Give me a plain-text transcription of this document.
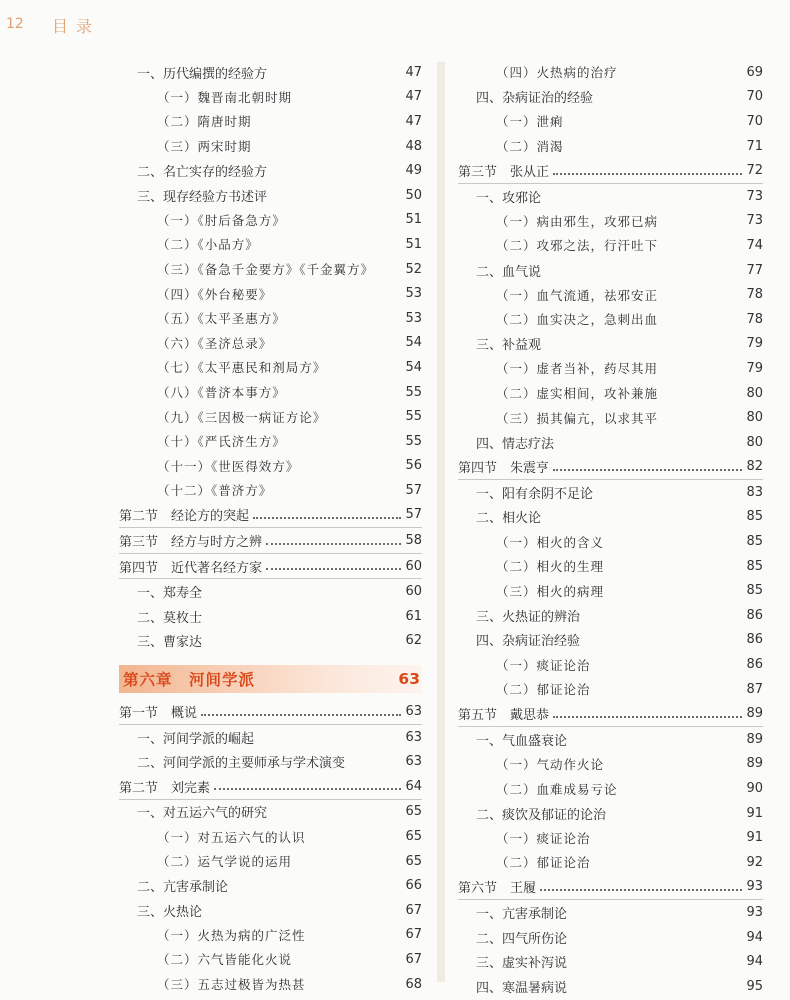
12 目录
一、历代编撰的经验方	47
（一）魏晋南北朝时期	47
（二）隋唐时期	47
（三）两宋时期	48
二、名亡实存的经验方	49
三、现存经验方书述评	50
（一）《肘后备急方》	51
（二）《小品方》	51
（三）《备急千金要方》《千金翼方》 52
（四）《外台秘要》	53
（五）《太平圣惠方》	53
（六）《圣济总录》	54
（七）《太平惠民和剂局方》	54
（八）《普济本事方》	55
（九）《三因极一病证方论》	55
（十）《严氏济生方》	55
（十一）《世医得效方》	56
（十二）《普济方》	57
第二节　经论方的突起	57
第三节　经方与时方之辨	58
第四节　近代著名经方家	60
一、郑寿全	60
二、莫枚士	61
三、曹家达	62
第六章　河间学派	63
第一节　概说	63
一、河间学派的崛起	63
二、河间学派的主要师承与学术演变	63
第二节　刘完素	64
一、对五运六气的研究	65
（一）对五运六气的认识	65
（二）运气学说的运用	65
二、亢害承制论	66
三、火热论	67
（一）火热为病的广泛性	67
（二）六气皆能化火说	67
（三）五志过极皆为热甚	68
（四）火热病的治疗	69
四、杂病证治的经验	70
（一）泄痢	70
（二）消渴	71
第三节　张从正	72
一、攻邪论	73
（一）病由邪生，攻邪已病	73
（二）攻邪之法，行汗吐下	74
二、血气说	77
（一）血气流通，祛邪安正	78
（二）血实决之，急刺出血	78
三、补益观	79
（一）虚者当补，药尽其用	79
（二）虚实相间，攻补兼施	80
（三）损其偏亢，以求其平	80
四、情志疗法	80
第四节　朱震亨	82
一、阳有余阴不足论	83
二、相火论	85
（一）相火的含义	85
（二）相火的生理	85
（三）相火的病理	85
三、火热证的辨治	86
四、杂病证治经验	86
（一）痰证论治	86
（二）郁证论治	87
第五节　戴思恭	89
一、气血盛衰论	89
（一）气动作火论	89
（二）血难成易亏论	90
二、痰饮及郁证的论治	91
（一）痰证论治	91
（二）郁证论治	92
第六节　王履	93
一、亢害承制论	93
二、四气所伤论	94
三、虚实补泻说	94
四、寒温暑病说	95
